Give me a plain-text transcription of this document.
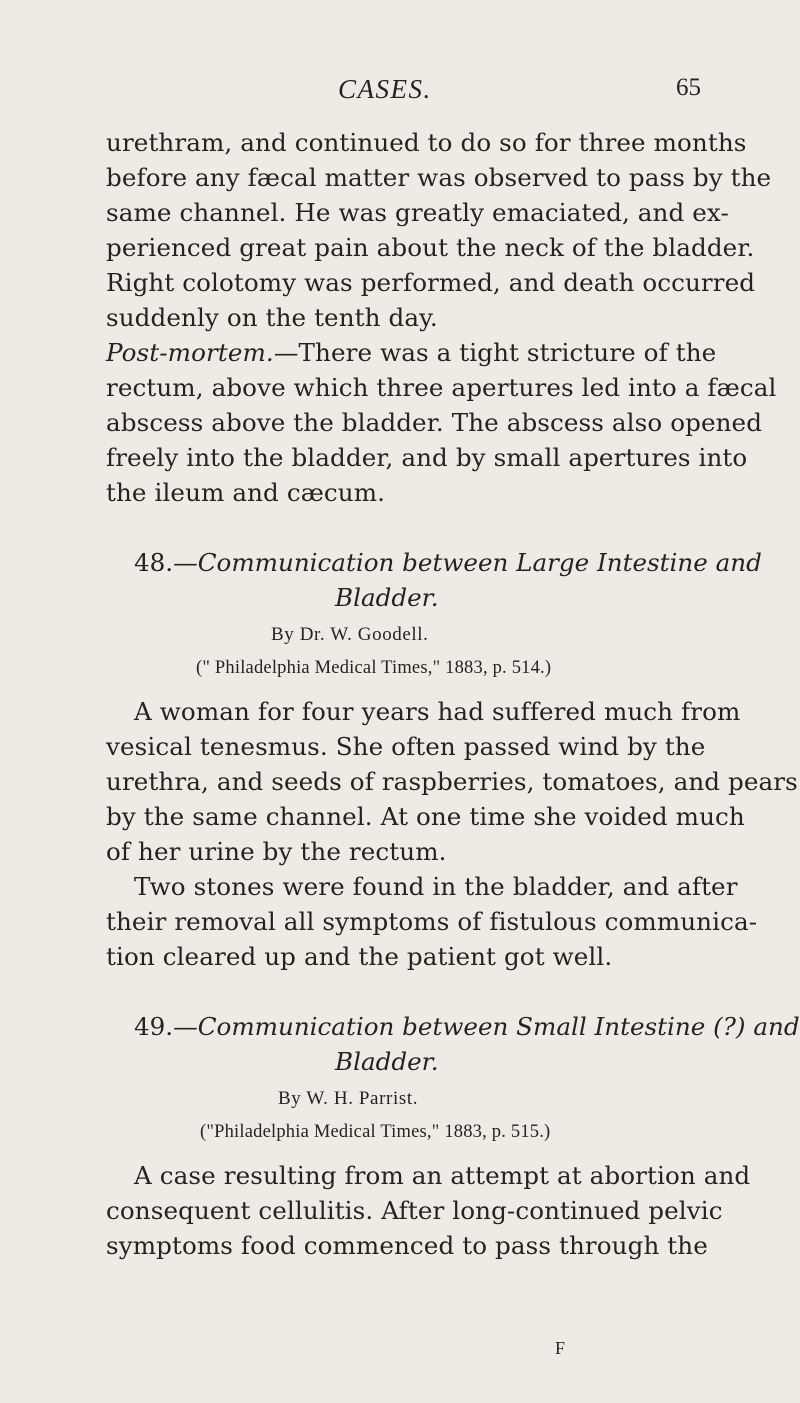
CASES.	65
urethram, and continued to do so for three months
before any fæcal matter was observed to pass by the
same channel. He was greatly emaciated, and ex-
perienced great pain about the neck of the bladder.
Right colotomy was performed, and death occurred
suddenly on the tenth day.
Post-mortem.—There was a tight stricture of the
rectum, above which three apertures led into a fæcal
abscess above the bladder. The abscess also opened
freely into the bladder, and by small apertures into
the ileum and cæcum.
48.—Communication between Large Intestine and
Bladder.
By Dr. W. Goodell.
(" Philadelphia Medical Times," 1883, p. 514.)
A woman for four years had suffered much from
vesical tenesmus. She often passed wind by the
urethra, and seeds of raspberries, tomatoes, and pears
by the same channel. At one time she voided much
of her urine by the rectum.
Two stones were found in the bladder, and after
their removal all symptoms of fistulous communica-
tion cleared up and the patient got well.
49.—Communication between Small Intestine (?) and
Bladder.
By W. H. Parrist.
("Philadelphia Medical Times," 1883, p. 515.)
A case resulting from an attempt at abortion and
consequent cellulitis. After long-continued pelvic
symptoms food commenced to pass through the
F
